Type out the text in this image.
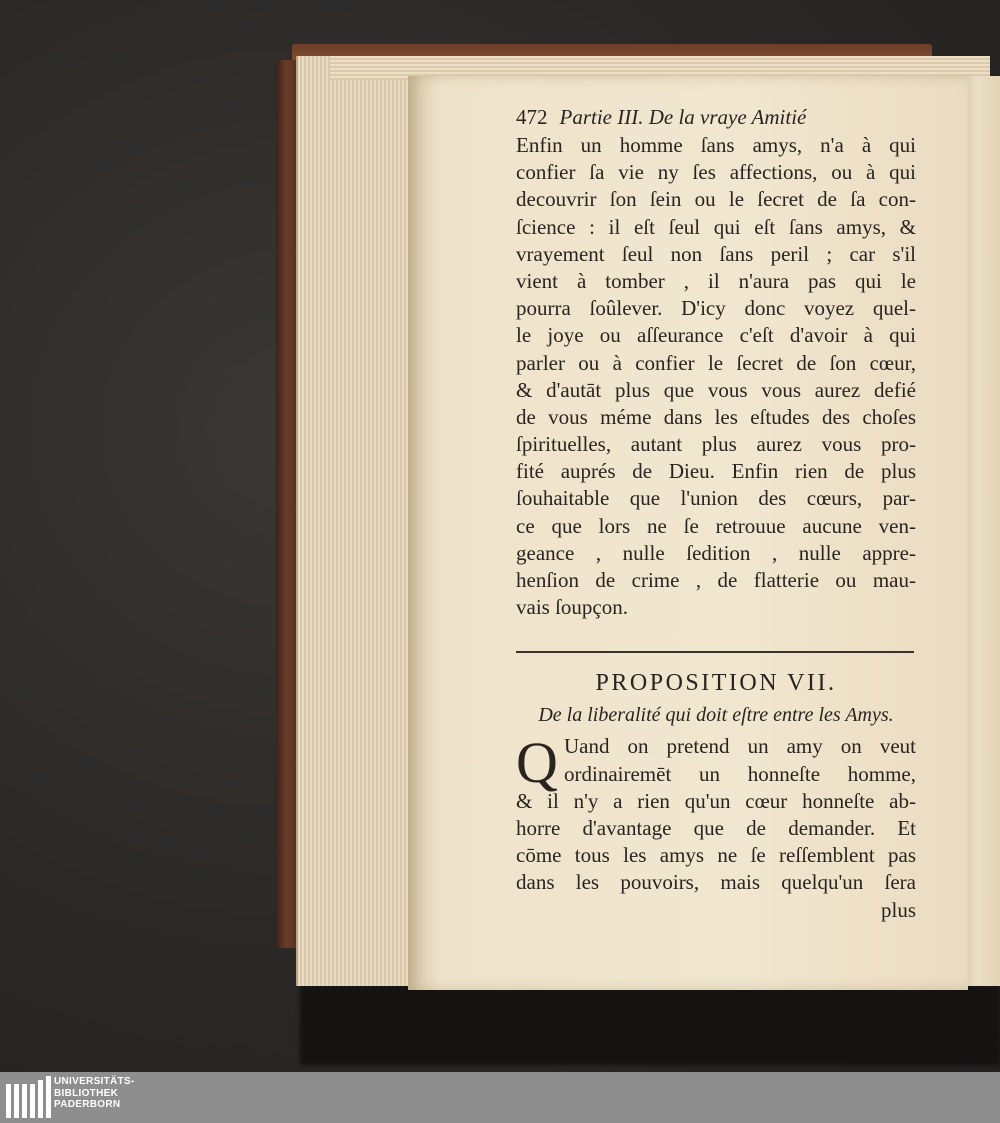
472 Partie III. De la vraye Amitié
Enfin un homme ſans amys, n'a à qui
confier ſa vie ny ſes affections, ou à qui
decouvrir ſon ſein ou le ſecret de ſa con-
ſcience : il eſt ſeul qui eſt ſans amys, &
vrayement ſeul non ſans peril ; car s'il
vient à tomber , il n'aura pas qui le
pourra ſoûlever. D'icy donc voyez quel-
le joye ou aſſeurance c'eſt d'avoir à qui
parler ou à confier le ſecret de ſon cœur,
& d'autāt plus que vous vous aurez defié
de vous méme dans les eſtudes des choſes
ſpirituelles, autant plus aurez vous pro-
fité auprés de Dieu. Enfin rien de plus
ſouhaitable que l'union des cœurs, par-
ce que lors ne ſe retrouue aucune ven-
geance , nulle ſedition , nulle appre-
henſion de crime , de flatterie ou mau-
vais ſoupçon.
PROPOSITION VII.
De la liberalité qui doit eſtre entre les Amys.
Q Uand on pretend un amy on veut
ordinairemēt un honneſte homme,
& il n'y a rien qu'un cœur honneſte ab-
horre d'avantage que de demander. Et
cōme tous les amys ne ſe reſſemblent pas
dans les pouvoirs, mais quelqu'un ſera
plus
UNIVERSITÄTS-
BIBLIOTHEK
PADERBORN
